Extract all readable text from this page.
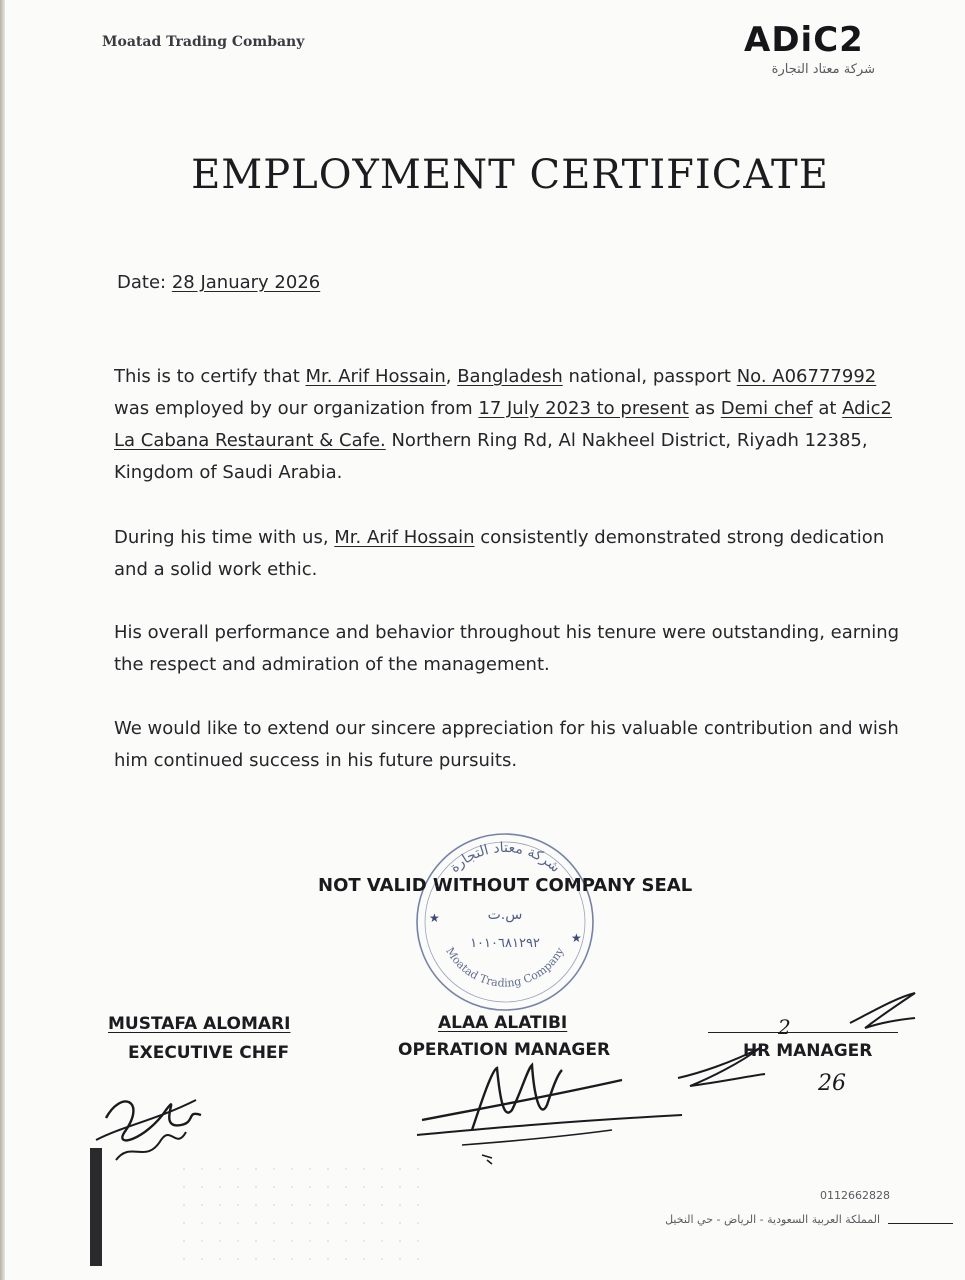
Moatad Trading Combany	ADiC2
شركة معتاد التجارة
EMPLOYMENT CERTIFICATE
Date: 28 January 2026
This is to certify that Mr. Arif Hossain, Bangladesh national, passport No. A06777992 was employed by our organization from 17 July 2023 to present as Demi chef at Adic2 La Cabana Restaurant & Cafe. Northern Ring Rd, Al Nakheel District, Riyadh 12385, Kingdom of Saudi Arabia.
During his time with us, Mr. Arif Hossain consistently demonstrated strong dedication and a solid work ethic.
His overall performance and behavior throughout his tenure were outstanding, earning the respect and admiration of the management.
We would like to extend our sincere appreciation for his valuable contribution and wish him continued success in his future pursuits.
شركة معتاد التجارة
س.ت
١٠١٠٦٨١٢٩٢
Moatad Trading Company
★
★
NOT VALID WITHOUT COMPANY SEAL
MUSTAFA ALOMARI
EXECUTIVE CHEF
ALAA ALATIBI
OPERATION MANAGER	HR MANAGER
2
26
0112662828
المملكة العربية السعودية - الرياض - حي النخيل
